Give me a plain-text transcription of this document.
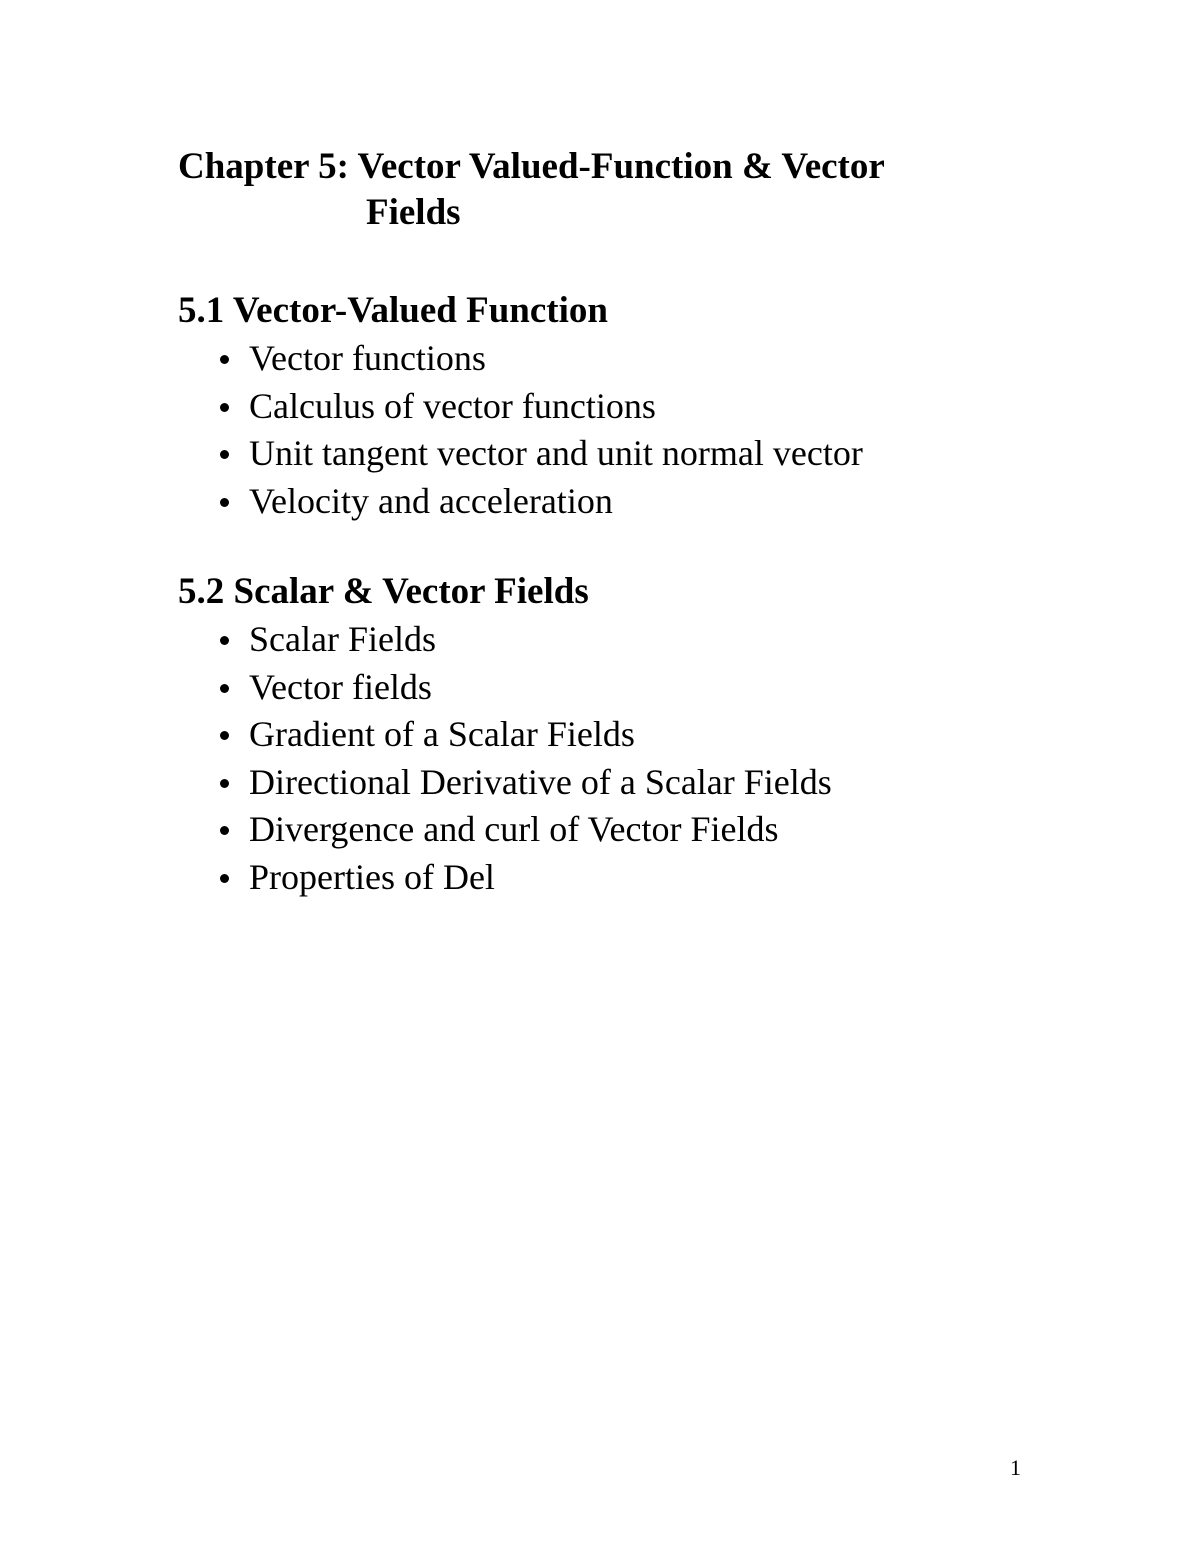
Chapter 5: Vector Valued-Function & Vector
Fields
5.1 Vector-Valued Function
Vector functions
Calculus of vector functions
Unit tangent vector and unit normal vector
Velocity and acceleration
5.2 Scalar & Vector Fields
Scalar Fields
Vector fields
Gradient of a Scalar Fields
Directional Derivative of a Scalar Fields
Divergence and curl of Vector Fields
Properties of Del
1
